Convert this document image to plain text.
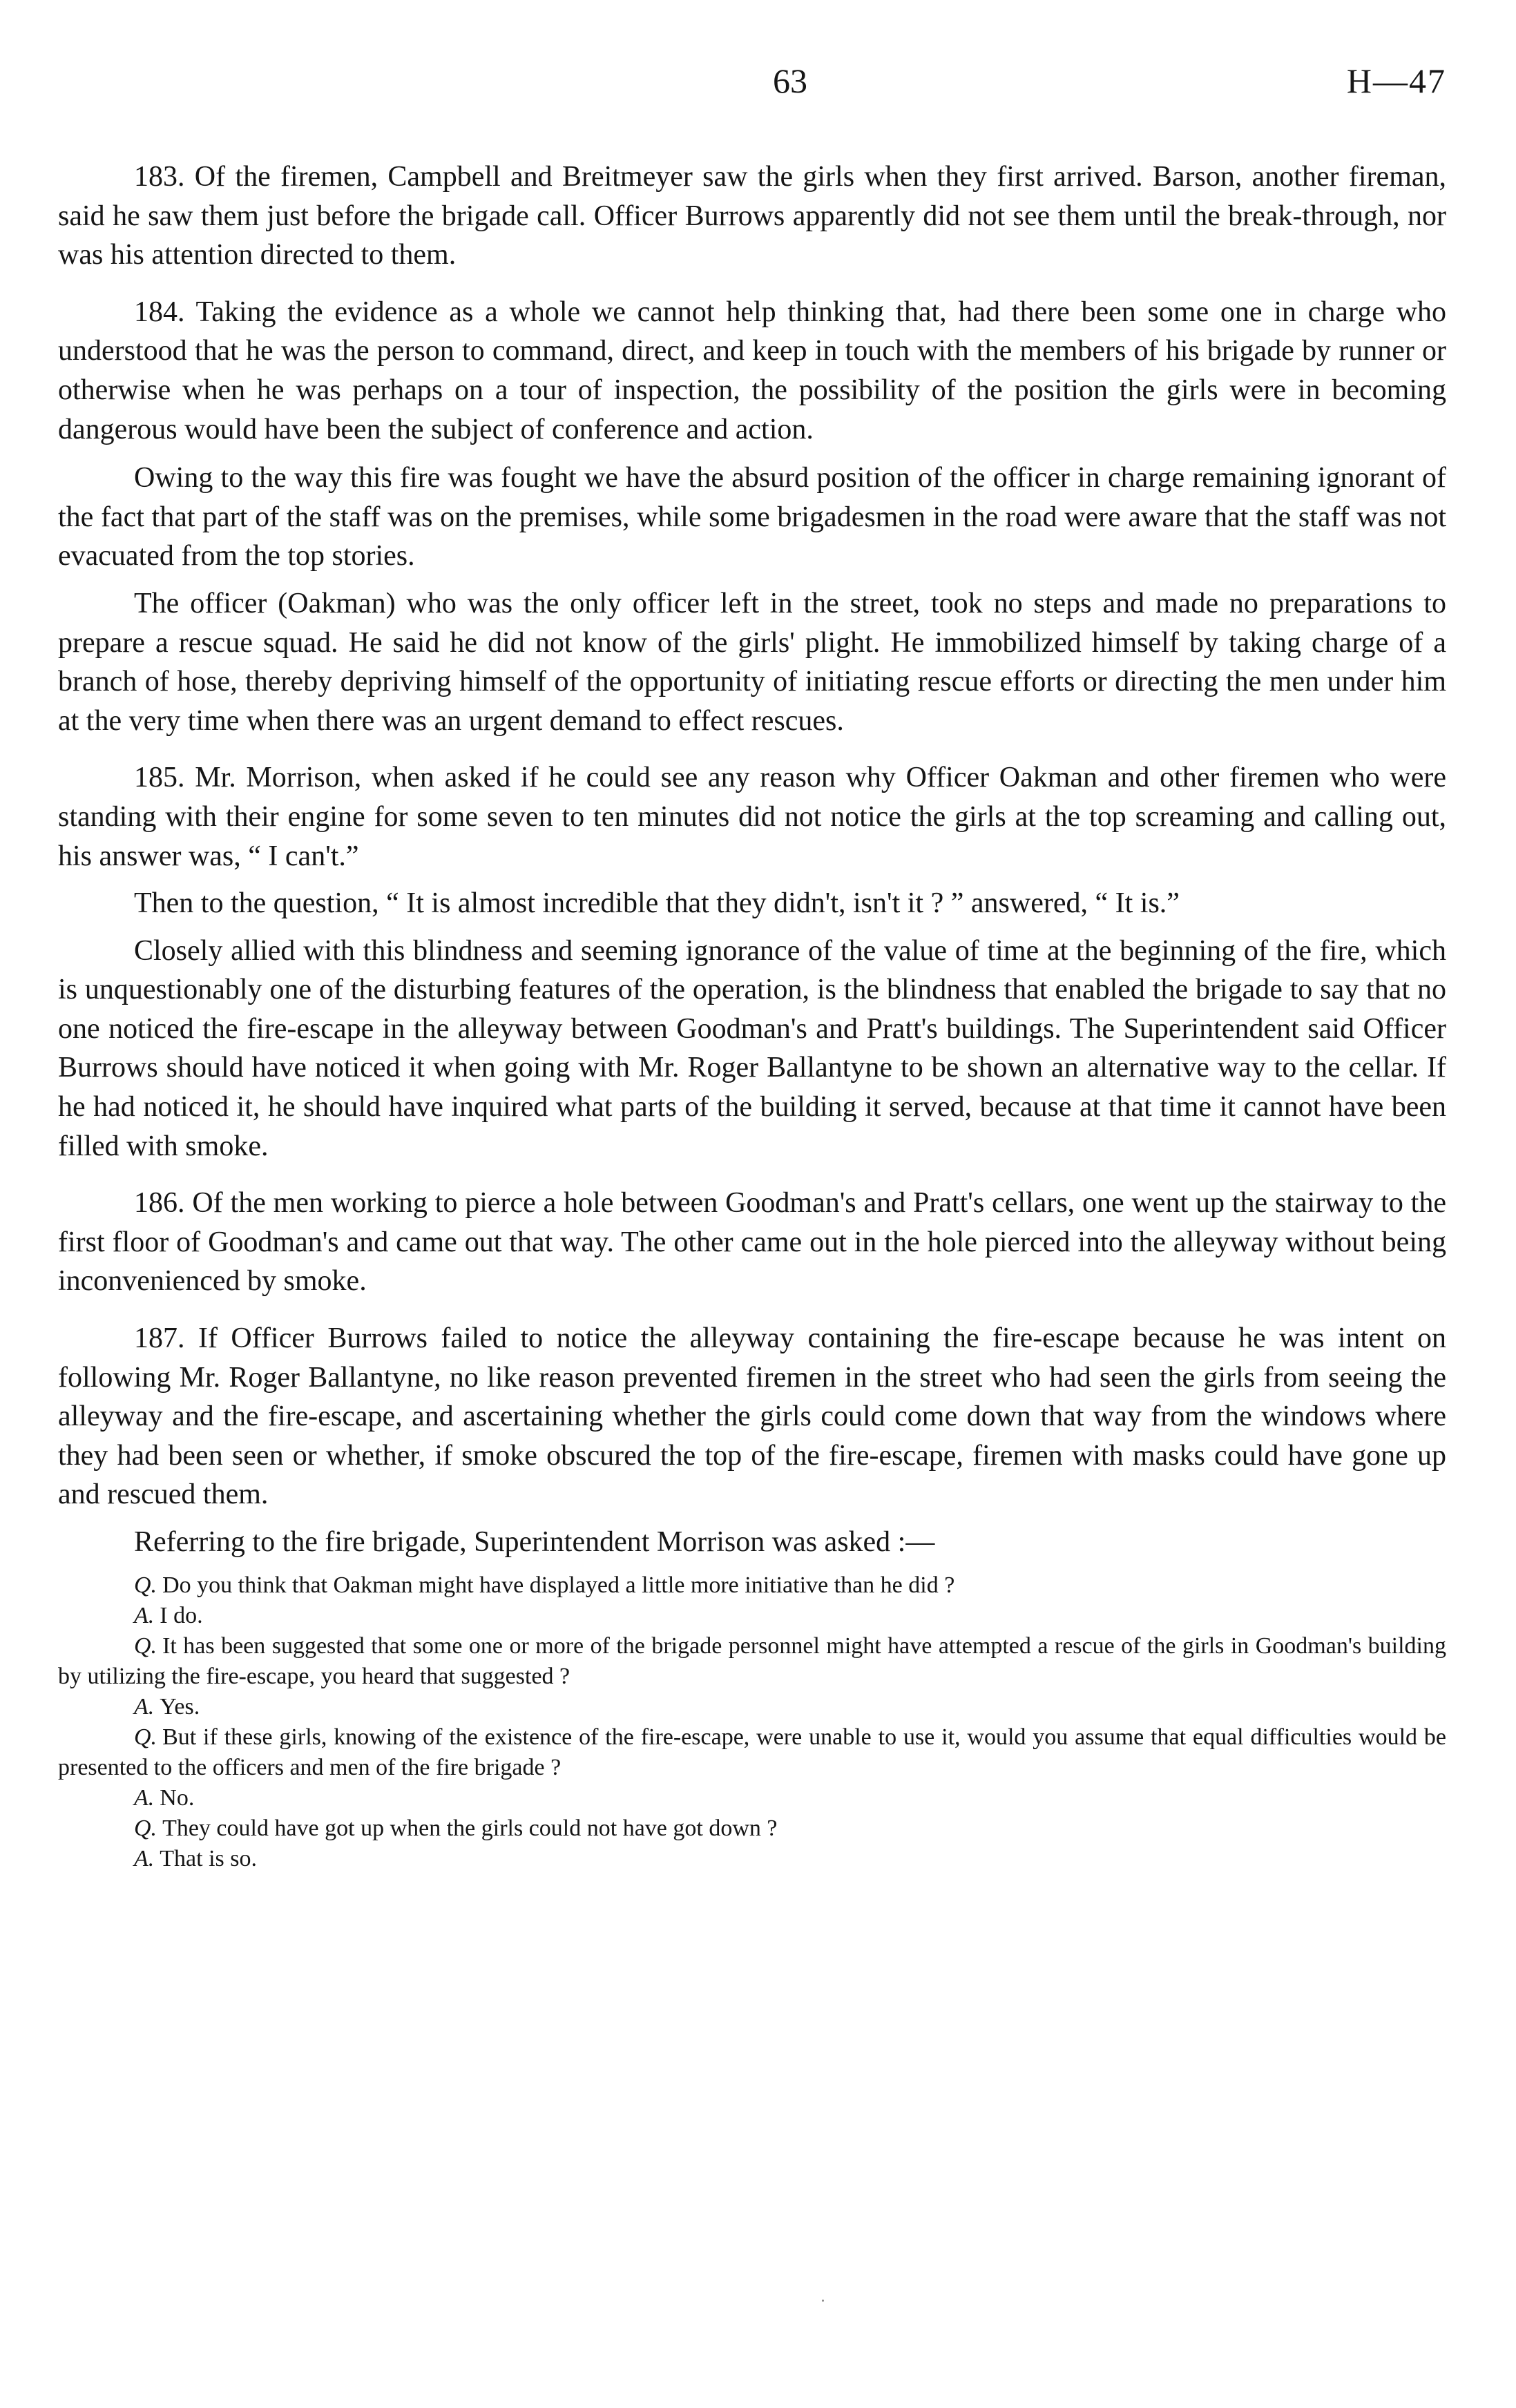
63	H—47

183. Of the firemen, Campbell and Breitmeyer saw the girls when they first arrived. Barson, another fireman, said he saw them just before the brigade call. Officer Burrows apparently did not see them until the break-through, nor was his attention directed to them.

184. Taking the evidence as a whole we cannot help thinking that, had there been some one in charge who understood that he was the person to command, direct, and keep in touch with the members of his brigade by runner or otherwise when he was perhaps on a tour of inspection, the possibility of the position the girls were in becoming dangerous would have been the subject of conference and action.

Owing to the way this fire was fought we have the absurd position of the officer in charge remaining ignorant of the fact that part of the staff was on the premises, while some brigadesmen in the road were aware that the staff was not evacuated from the top stories.

The officer (Oakman) who was the only officer left in the street, took no steps and made no preparations to prepare a rescue squad. He said he did not know of the girls' plight. He immobilized himself by taking charge of a branch of hose, thereby depriving himself of the opportunity of initiating rescue efforts or directing the men under him at the very time when there was an urgent demand to effect rescues.

185. Mr. Morrison, when asked if he could see any reason why Officer Oakman and other firemen who were standing with their engine for some seven to ten minutes did not notice the girls at the top screaming and calling out, his answer was, “ I can't.”

Then to the question, “ It is almost incredible that they didn't, isn't it ? ” answered, “ It is.”

Closely allied with this blindness and seeming ignorance of the value of time at the beginning of the fire, which is unquestionably one of the disturbing features of the operation, is the blindness that enabled the brigade to say that no one noticed the fire-escape in the alleyway between Goodman's and Pratt's buildings. The Superintendent said Officer Burrows should have noticed it when going with Mr. Roger Ballantyne to be shown an alternative way to the cellar. If he had noticed it, he should have inquired what parts of the building it served, because at that time it cannot have been filled with smoke.

186. Of the men working to pierce a hole between Goodman's and Pratt's cellars, one went up the stairway to the first floor of Goodman's and came out that way. The other came out in the hole pierced into the alleyway without being inconvenienced by smoke.

187. If Officer Burrows failed to notice the alleyway containing the fire-escape because he was intent on following Mr. Roger Ballantyne, no like reason prevented firemen in the street who had seen the girls from seeing the alleyway and the fire-escape, and ascertaining whether the girls could come down that way from the windows where they had been seen or whether, if smoke obscured the top of the fire-escape, firemen with masks could have gone up and rescued them.

Referring to the fire brigade, Superintendent Morrison was asked :—

Q. Do you think that Oakman might have displayed a little more initiative than he did ?

A. I do.

Q. It has been suggested that some one or more of the brigade personnel might have attempted a rescue of the girls in Goodman's building by utilizing the fire-escape, you heard that suggested ?

A. Yes.

Q. But if these girls, knowing of the existence of the fire-escape, were unable to use it, would you assume that equal difficulties would be presented to the officers and men of the fire brigade ?

A. No.

Q. They could have got up when the girls could not have got down ?

A. That is so.
